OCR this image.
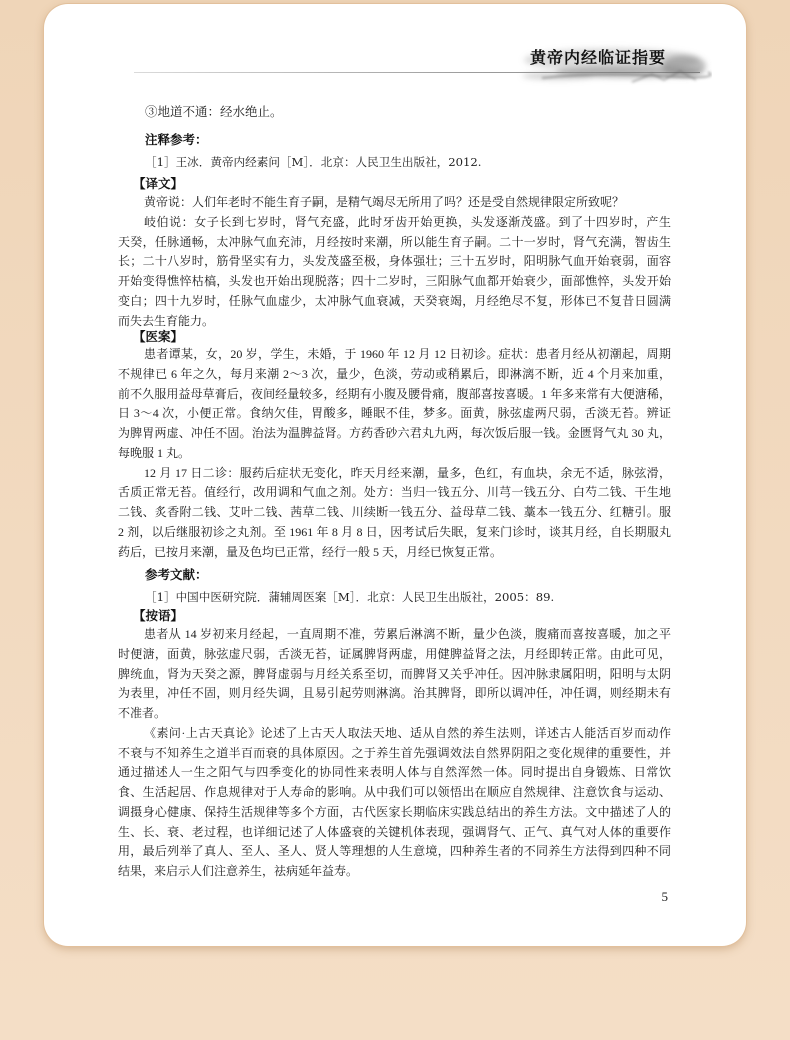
黄帝内经临证指要
③地道不通：经水绝止。
注释参考：
［1］王冰．黄帝内经素问［M］．北京：人民卫生出版社，2012.
【译文】
黄帝说：人们年老时不能生育子嗣，是精气竭尽无所用了吗？还是受自然规律限定所致呢？
岐伯说：女子长到七岁时，肾气充盛，此时牙齿开始更换，头发逐渐茂盛。到了十四岁时，产生
天癸，任脉通畅，太冲脉气血充沛，月经按时来潮，所以能生育子嗣。二十一岁时，肾气充满，智齿生
长；二十八岁时，筋骨坚实有力，头发茂盛至极，身体强壮；三十五岁时，阳明脉气血开始衰弱，面容
开始变得憔悴枯槁，头发也开始出现脱落；四十二岁时，三阳脉气血都开始衰少，面部憔悴，头发开始
变白；四十九岁时，任脉气血虚少，太冲脉气血衰减，天癸衰竭，月经绝尽不复，形体已不复昔日圆满
而失去生育能力。
【医案】
患者谭某，女，20 岁，学生，未婚，于 1960 年 12 月 12 日初诊。症状：患者月经从初潮起，周期
不规律已 6 年之久，每月来潮 2～3 次，量少，色淡，劳动或稍累后，即淋漓不断，近 4 个月来加重，
前不久服用益母草膏后，夜间经量较多，经期有小腹及腰骨痛，腹部喜按喜暖。1 年多来常有大便溏稀，
日 3～4 次，小便正常。食纳欠佳，胃酸多，睡眠不佳，梦多。面黄，脉弦虚两尺弱，舌淡无苔。辨证
为脾胃两虚、冲任不固。治法为温脾益肾。方药香砂六君丸九两，每次饭后服一钱。金匮肾气丸 30 丸，
每晚服 1 丸。
12 月 17 日二诊：服药后症状无变化，昨天月经来潮，量多，色红，有血块，余无不适，脉弦滑，
舌质正常无苔。值经行，改用调和气血之剂。处方：当归一钱五分、川芎一钱五分、白芍二钱、干生地
二钱、炙香附二钱、艾叶二钱、茜草二钱、川续断一钱五分、益母草二钱、藁本一钱五分、红糖引。服
2 剂，以后继服初诊之丸剂。至 1961 年 8 月 8 日，因考试后失眠，复来门诊时，谈其月经，自长期服丸
药后，已按月来潮，量及色均已正常，经行一般 5 天，月经已恢复正常。
参考文献：
［1］中国中医研究院．蒲辅周医案［M］．北京：人民卫生出版社，2005：89.
【按语】
患者从 14 岁初来月经起，一直周期不准，劳累后淋漓不断，量少色淡，腹痛而喜按喜暖，加之平
时便溏，面黄，脉弦虚尺弱，舌淡无苔，证属脾肾两虚，用健脾益肾之法，月经即转正常。由此可见，
脾统血，肾为天癸之源，脾肾虚弱与月经关系至切，而脾肾又关乎冲任。因冲脉隶属阳明，阳明与太阴
为表里，冲任不固，则月经失调，且易引起劳则淋漓。治其脾肾，即所以调冲任，冲任调，则经期未有
不准者。
《素问·上古天真论》论述了上古天人取法天地、适从自然的养生法则，详述古人能活百岁而动作
不衰与不知养生之道半百而衰的具体原因。之于养生首先强调效法自然界阴阳之变化规律的重要性，并
通过描述人一生之阳气与四季变化的协同性来表明人体与自然浑然一体。同时提出自身锻炼、日常饮
食、生活起居、作息规律对于人寿命的影响。从中我们可以领悟出在顺应自然规律、注意饮食与运动、
调摄身心健康、保持生活规律等多个方面，古代医家长期临床实践总结出的养生方法。文中描述了人的
生、长、衰、老过程，也详细记述了人体盛衰的关键机体表现，强调肾气、正气、真气对人体的重要作
用，最后列举了真人、至人、圣人、贤人等理想的人生意境，四种养生者的不同养生方法得到四种不同
结果，来启示人们注意养生，祛病延年益寿。
5
